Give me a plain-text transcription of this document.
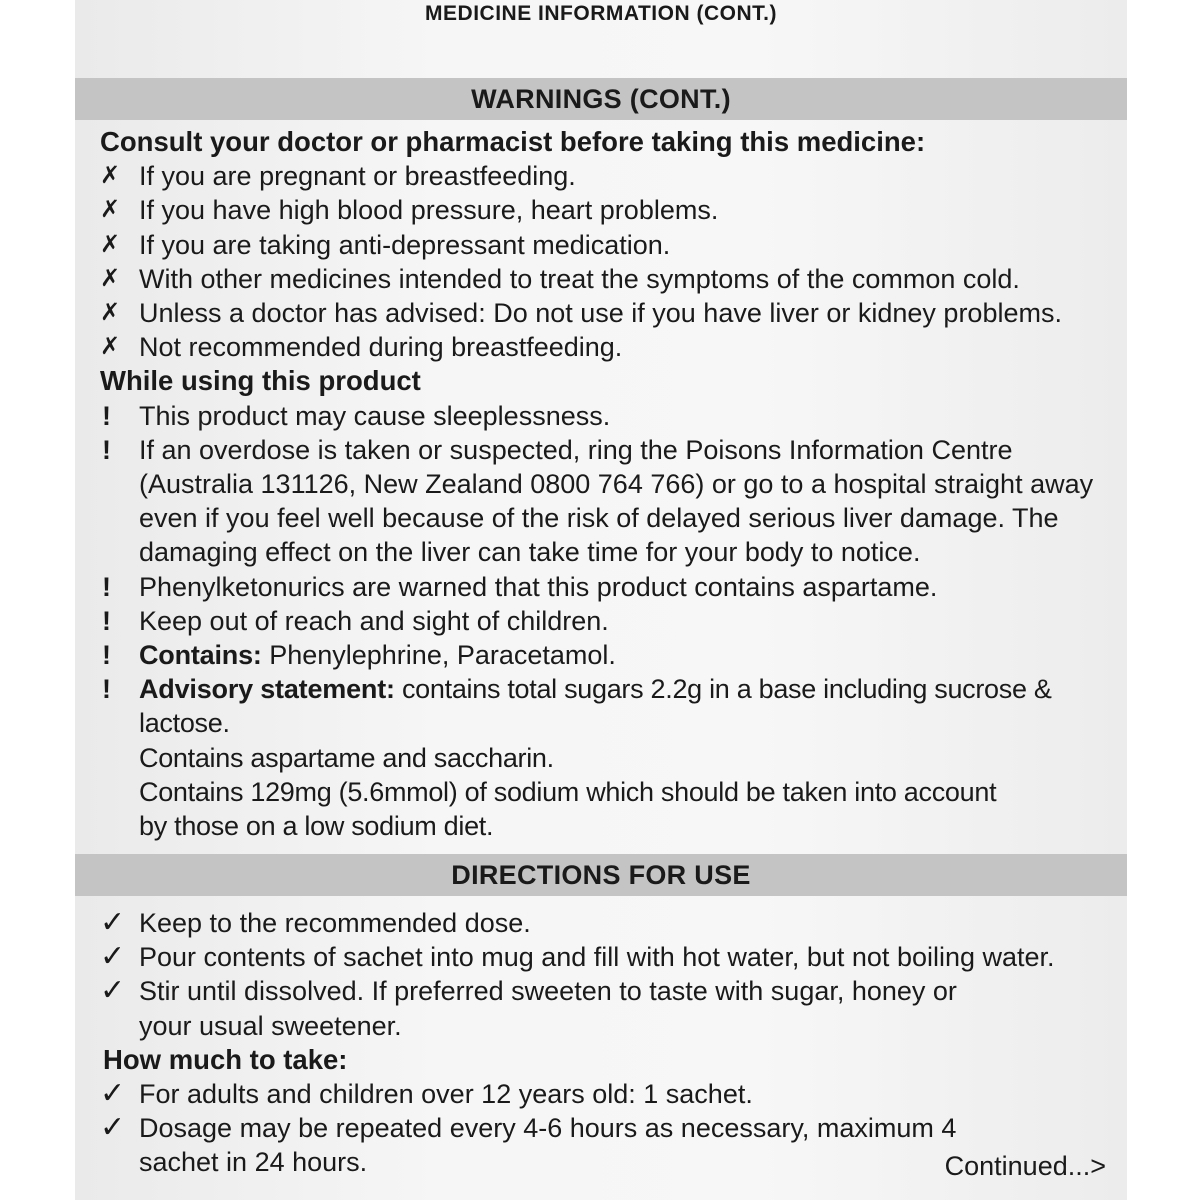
MEDICINE INFORMATION (CONT.)
WARNINGS (CONT.)
Consult your doctor or pharmacist before taking this medicine:
✗ If you are pregnant or breastfeeding.
✗ If you have high blood pressure, heart problems.
✗ If you are taking anti-depressant medication.
✗ With other medicines intended to treat the symptoms of the common cold.
✗ Unless a doctor has advised: Do not use if you have liver or kidney problems.
✗ Not recommended during breastfeeding.
While using this product
!	This product may cause sleeplessness.
!	If an overdose is taken or suspected, ring the Poisons Information Centre (Australia 131126, New Zealand 0800 764 766) or go to a hospital straight away even if you feel well because of the risk of delayed serious liver damage. The damaging effect on the liver can take time for your body to notice.
!	Phenylketonurics are warned that this product contains aspartame.
!	Keep out of reach and sight of children.
!	Contains: Phenylephrine, Paracetamol.
!	Advisory statement: contains total sugars 2.2g in a base including sucrose & lactose.
Contains aspartame and saccharin.
Contains 129mg (5.6mmol) of sodium which should be taken into account by those on a low sodium diet.
DIRECTIONS FOR USE
✓ Keep to the recommended dose.
✓ Pour contents of sachet into mug and fill with hot water, but not boiling water.
✓ Stir until dissolved. If preferred sweeten to taste with sugar, honey or your usual sweetener.
How much to take:
✓ For adults and children over 12 years old: 1 sachet.
✓ Dosage may be repeated every 4-6 hours as necessary, maximum 4 sachet in 24 hours.	Continued...>
